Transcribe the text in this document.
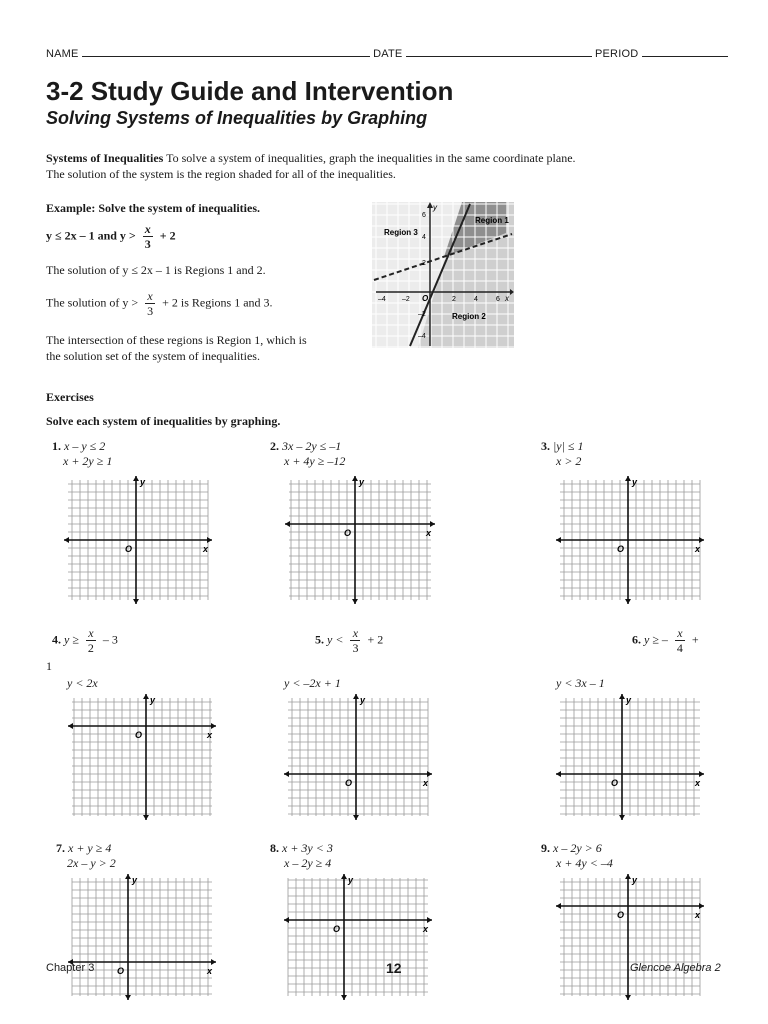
NAME	DATE	PERIOD
3-2 Study Guide and Intervention
Solving Systems of Inequalities by Graphing
Systems of Inequalities To solve a system of inequalities, graph the inequalities in the same coordinate plane.
The solution of the system is the region shaded for all of the inequalities.
Example: Solve the system of inequalities.
y ≤ 2x – 1 and $y > \frac{x}{3} + 2$
The solution of y ≤ 2x – 1 is Regions 1 and 2.
The solution of $y > \frac{x}{3} + 2$ is Regions 1 and 3.
The intersection of these regions is Region 1, which is
the solution set of the system of inequalities.
Region 1
Region 2
Region 3
y
x
O
–4 –2	2	4	6
6
4
2
–2
–4
Exercises
Solve each system of inequalities by graphing.
1. x – y ≤ 2
x + 2y ≥ 1
2. 3x – 2y ≤ –1
x + 4y ≥ –12
3. |y| ≤ 1
x > 2
4. $y \ge \frac{x}{2} - 3$
y < 2x
5. $y < \frac{x}{3} + 2$
y < –2x + 1
6. y ≥ – $\frac{x}{4}$ +
1
y < 3x – 1
7. x + y ≥ 4
2x – y > 2
8. x + 3y < 3
x – 2y ≥ 4
9. x – 2y > 6
x + 4y < –4
y
x
O
y
x
O
y
x
O
y
x
O
y
x
O
y
x
O
y
x
O
y
x
O
y
x
O
Chapter 3	12	Glencoe Algebra 2
